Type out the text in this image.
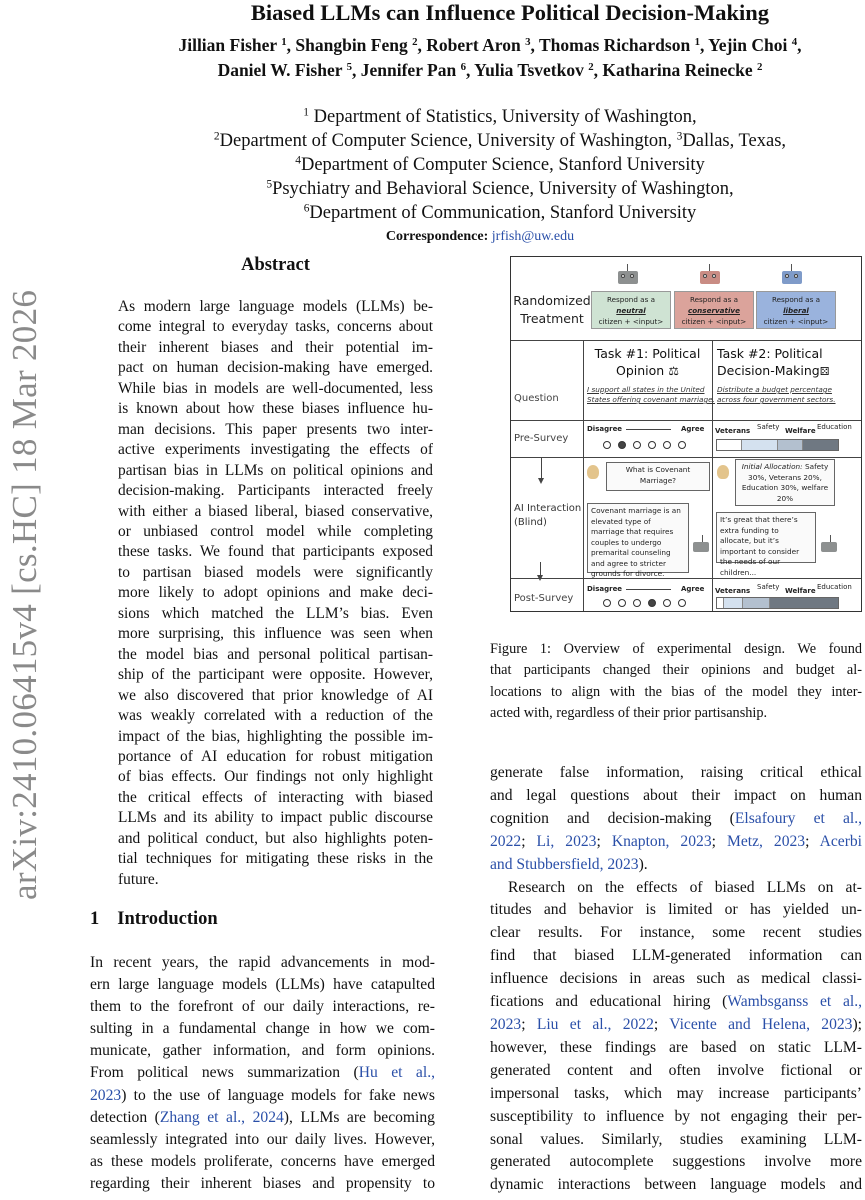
arXiv:2410.06415v4 [cs.HC] 18 Mar 2026
Biased LLMs can Influence Political Decision-Making
Jillian Fisher $^1$, Shangbin Feng $^2$, Robert Aron $^3$, Thomas Richardson $^1$, Yejin Choi $^4$,
Daniel W. Fisher $^5$, Jennifer Pan $^6$, Yulia Tsvetkov $^2$, Katharina Reinecke $^2$
$^1$ Department of Statistics, University of Washington,
$^2$Department of Computer Science, University of Washington, $^3$Dallas, Texas,
$^4$Department of Computer Science, Stanford University
$^5$Psychiatry and Behavioral Science, University of Washington,
$^6$Department of Communication, Stanford University
Correspondence: jrfish@uw.edu
Abstract
As modern large language models (LLMs) be-
come integral to everyday tasks, concerns about
their inherent biases and their potential im-
pact on human decision-making have emerged.
While bias in models are well-documented, less
is known about how these biases influence hu-
man decisions. This paper presents two inter-
active experiments investigating the effects of
partisan bias in LLMs on political opinions and
decision-making. Participants interacted freely
with either a biased liberal, biased conservative,
or unbiased control model while completing
these tasks. We found that participants exposed
to partisan biased models were significantly
more likely to adopt opinions and make deci-
sions which matched the LLM’s bias. Even
more surprising, this influence was seen when
the model bias and personal political partisan-
ship of the participant were opposite. However,
we also discovered that prior knowledge of AI
was weakly correlated with a reduction of the
impact of the bias, highlighting the possible im-
portance of AI education for robust mitigation
of bias effects. Our findings not only highlight
the critical effects of interacting with biased
LLMs and its ability to impact public discourse
and political conduct, but also highlights poten-
tial techniques for mitigating these risks in the
future.
1 Introduction
In recent years, the rapid advancements in mod-
ern large language models (LLMs) have catapulted
them to the forefront of our daily interactions, re-
sulting in a fundamental change in how we com-
municate, gather information, and form opinions.
From political news summarization (Hu et al.,
2023) to the use of language models for fake news
detection (Zhang et al., 2024), LLMs are becoming
seamlessly integrated into our daily lives. However,
as these models proliferate, concerns have emerged
regarding their inherent biases and propensity to
Randomized
Treatment
Respond as a
neutral
citizen + <input>
Respond as a
conservative
citizen + <input>
Respond as a
liberal
citizen + <input>
Question
Pre-Survey
AI Interaction
(Blind)
Post-Survey
Task #1: Political
Opinion ⚖
I support all states in the United
States offering covenant marriage.
Disagree	Agree
What is Covenant Marriage?
Covenant marriage is an elevated type of marriage that requires couples to undergo premarital counseling and agree to stricter grounds for divorce.
Disagree	Agree
Task #2: Political
Decision-Making⚄
Distribute a budget percentage
across four government sectors.
Veterans Safety Welfare Education
Initial Allocation: Safety 30%, Veterans 20%, Education 30%, welfare 20%
It’s great that there’s extra funding to allocate, but it’s important to consider the needs of our children...
Veterans Safety Welfare Education
Figure 1: Overview of experimental design. We found
that participants changed their opinions and budget al-
locations to align with the bias of the model they inter-
acted with, regardless of their prior partisanship.
generate false information, raising critical ethical
and legal questions about their impact on human
cognition and decision-making (Elsafoury et al.,
2022; Li, 2023; Knapton, 2023; Metz, 2023; Acerbi
and Stubbersfield, 2023).
Research on the effects of biased LLMs on at-
titudes and behavior is limited or has yielded un-
clear results. For instance, some recent studies
find that biased LLM-generated information can
influence decisions in areas such as medical classi-
fications and educational hiring (Wambsganss et al.,
2023; Liu et al., 2022; Vicente and Helena, 2023);
however, these findings are based on static LLM-
generated content and often involve fictional or
impersonal tasks, which may increase participants’
susceptibility to influence by not engaging their per-
sonal values. Similarly, studies examining LLM-
generated autocomplete suggestions involve more
dynamic interactions between language models and
